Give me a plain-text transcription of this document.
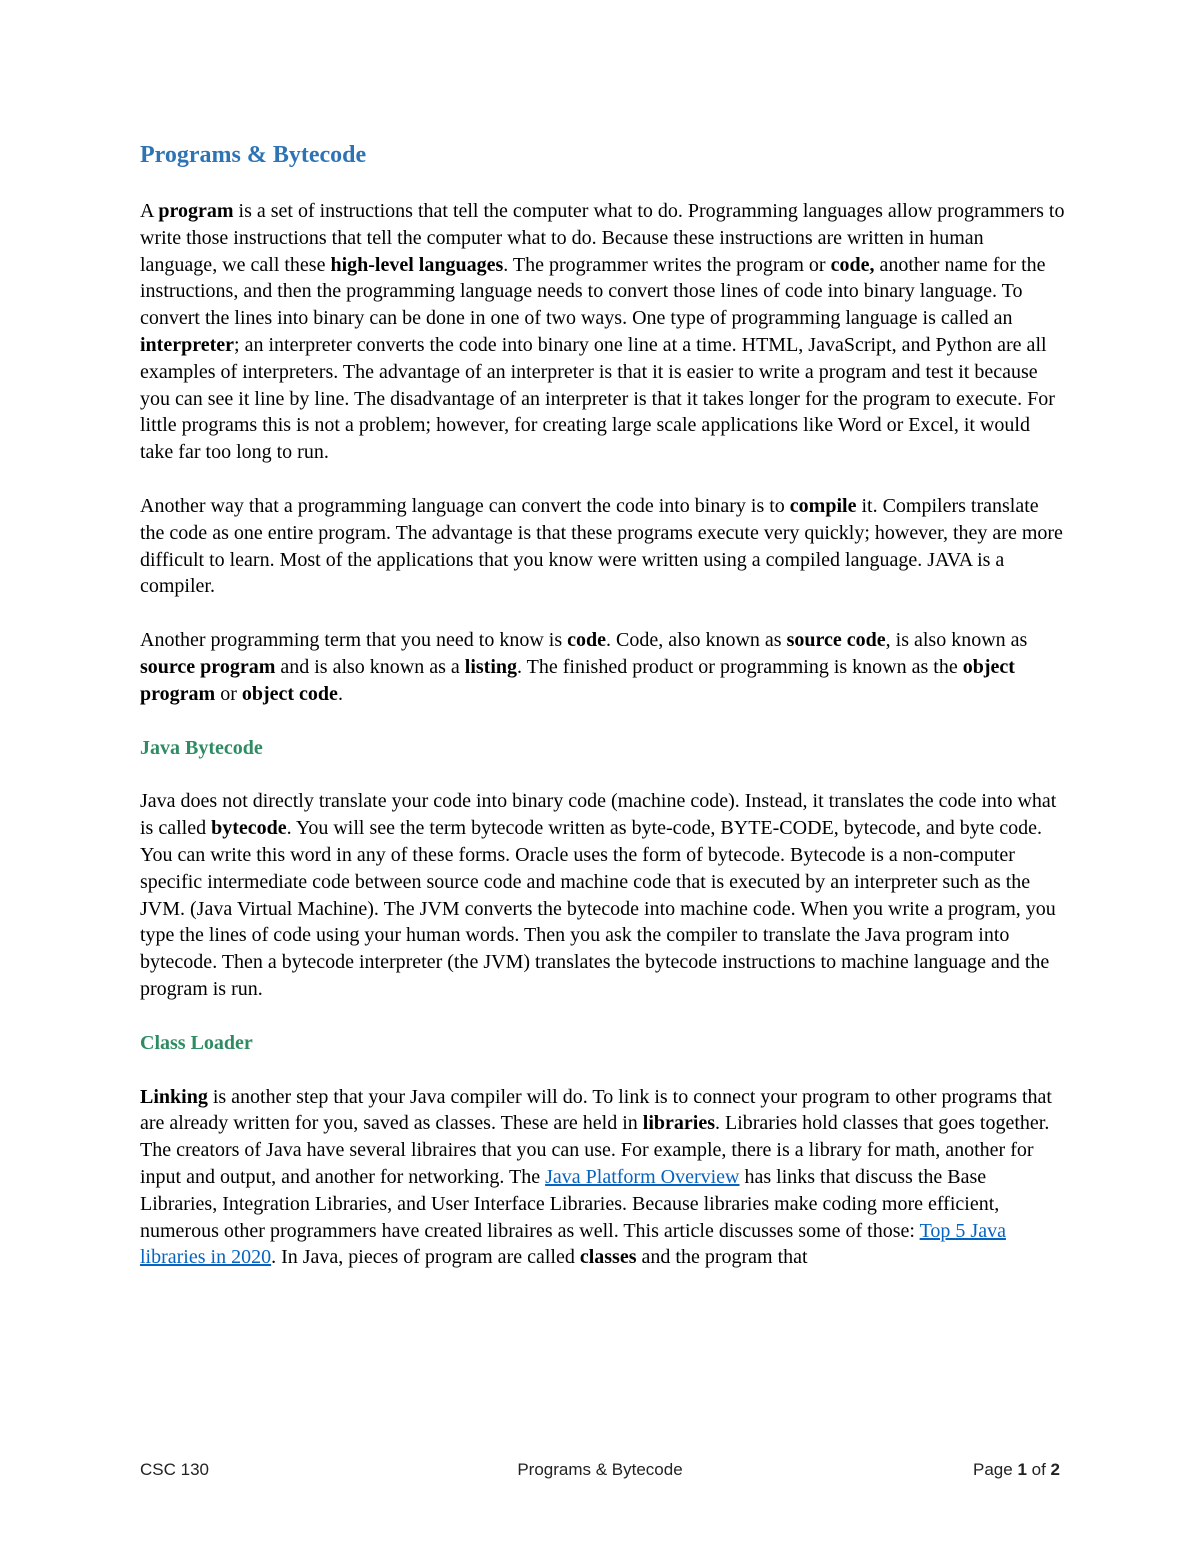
Programs & Bytecode

A program is a set of instructions that tell the computer what to do. Programming languages allow programmers to write those instructions that tell the computer what to do. Because these instructions are written in human language, we call these high-level languages. The programmer writes the program or code, another name for the instructions, and then the programming language needs to convert those lines of code into binary language. To convert the lines into binary can be done in one of two ways. One type of programming language is called an interpreter; an interpreter converts the code into binary one line at a time. HTML, JavaScript, and Python are all examples of interpreters. The advantage of an interpreter is that it is easier to write a program and test it because you can see it line by line. The disadvantage of an interpreter is that it takes longer for the program to execute. For little programs this is not a problem; however, for creating large scale applications like Word or Excel, it would take far too long to run.

Another way that a programming language can convert the code into binary is to compile it. Compilers translate the code as one entire program. The advantage is that these programs execute very quickly; however, they are more difficult to learn. Most of the applications that you know were written using a compiled language. JAVA is a compiler.

Another programming term that you need to know is code. Code, also known as source code, is also known as source program and is also known as a listing. The finished product or programming is known as the object program or object code.

Java Bytecode

Java does not directly translate your code into binary code (machine code). Instead, it translates the code into what is called bytecode. You will see the term bytecode written as byte-code, BYTE-CODE, bytecode, and byte code. You can write this word in any of these forms. Oracle uses the form of bytecode. Bytecode is a non-computer specific intermediate code between source code and machine code that is executed by an interpreter such as the JVM. (Java Virtual Machine). The JVM converts the bytecode into machine code. When you write a program, you type the lines of code using your human words. Then you ask the compiler to translate the Java program into bytecode. Then a bytecode interpreter (the JVM) translates the bytecode instructions to machine language and the program is run.

Class Loader

Linking is another step that your Java compiler will do. To link is to connect your program to other programs that are already written for you, saved as classes. These are held in libraries. Libraries hold classes that goes together. The creators of Java have several libraires that you can use. For example, there is a library for math, another for input and output, and another for networking. The Java Platform Overview has links that discuss the Base Libraries, Integration Libraries, and User Interface Libraries. Because libraries make coding more efficient, numerous other programmers have created libraires as well. This article discusses some of those: Top 5 Java libraries in 2020. In Java, pieces of program are called classes and the program that

CSC 130	Programs & Bytecode	Page 1 of 2
